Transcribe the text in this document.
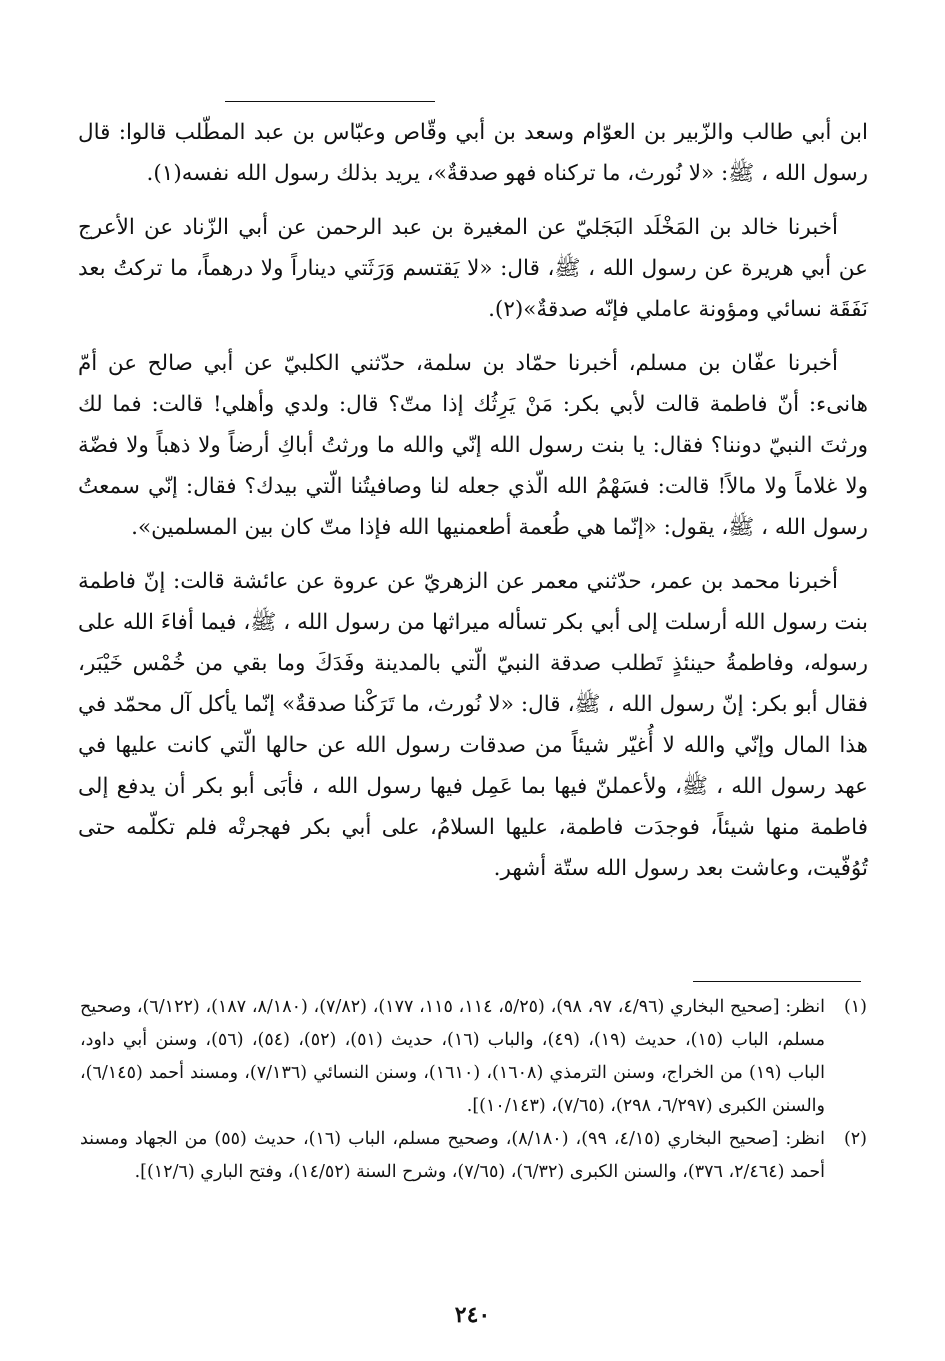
ابن أبي طالب والزّبير بن العوّام وسعد بن أبي وقّاص وعبّاس بن عبد المطّلب قالوا: قال رسول الله ، ﷺ: «لا نُورث، ما تركناه فهو صدقةٌ»، يريد بذلك رسول الله نفسه(١).

أخبرنا خالد بن المَخْلَد البَجَليّ عن المغيرة بن عبد الرحمن عن أبي الزّناد عن الأعرج عن أبي هريرة عن رسول الله ، ﷺ، قال: «لا يَقتسم وَرَثَتي ديناراً ولا درهماً، ما تركتُ بعد نَفَقَة نسائي ومؤونة عاملي فإنّه صدقةٌ»(٢).

أخبرنا عفّان بن مسلم، أخبرنا حمّاد بن سلمة، حدّثني الكلبيّ عن أبي صالح عن أمّ هانىء: أنّ فاطمة قالت لأبي بكر: مَنْ يَرِثُك إذا متّ؟ قال: ولدي وأهلي! قالت: فما لك ورثتَ النبيّ دوننا؟ فقال: يا بنت رسول الله إنّي والله ما ورثتُ أباكِ أرضاً ولا ذهباً ولا فضّة ولا غلاماً ولا مالاً! قالت: فسَهْمُ الله الّذي جعله لنا وصافيتُنا الّتي بيدك؟ فقال: إنّي سمعتُ رسول الله ، ﷺ، يقول: «إنّما هي طُعمة أطعمنيها الله فإذا متّ كان بين المسلمين».

أخبرنا محمد بن عمر، حدّثني معمر عن الزهريّ عن عروة عن عائشة قالت: إنّ فاطمة بنت رسول الله أرسلت إلى أبي بكر تسأله ميراثها من رسول الله ، ﷺ، فيما أفاءَ الله على رسوله، وفاطمةُ حينئذٍ تَطلب صدقة النبيّ الّتي بالمدينة وفَدَكَ وما بقي من خُمْس خَيْبَر، فقال أبو بكر: إنّ رسول الله ، ﷺ، قال: «لا نُورث، ما تَرَكْنا صدقةٌ» إنّما يأكل آل محمّد في هذا المال وإنّي والله لا أُغيّر شيئاً من صدقات رسول الله عن حالها الّتي كانت عليها في عهد رسول الله ، ﷺ، ولأعملنّ فيها بما عَمِل فيها رسول الله ، فأبَى أبو بكر أن يدفع إلى فاطمة منها شيئاً، فوجدَت فاطمة، عليها السلامُ، على أبي بكر فهجرتْه فلم تكلّمه حتى تُوُفّيت، وعاشت بعد رسول الله ستّة أشهر.

(١)
انظر: [صحيح البخاري (٤/٩٦، ٩٧، ٩٨)، (٥/٢٥، ١١٤، ١١٥، ١٧٧)، (٧/٨٢)، (٨/١٨٠، ١٨٧)، (٦/١٢٢)، وصحيح مسلم، الباب (١٥)، حديث (١٩)، (٤٩)، والباب (١٦)، حديث (٥١)، (٥٢)، (٥٤)، (٥٦)، وسنن أبي داود، الباب (١٩) من الخراج، وسنن الترمذي (١٦٠٨)، (١٦١٠)، وسنن النسائي (٧/١٣٦)، ومسند أحمد (٦/١٤٥)، والسنن الكبرى (٦/٢٩٧، ٢٩٨)، (٧/٦٥)، (١٠/١٤٣)].

(٢)
انظر: [صحيح البخاري (٤/١٥، ٩٩)، (٨/١٨٠)، وصحيح مسلم، الباب (١٦)، حديث (٥٥) من الجهاد ومسند أحمد (٢/٤٦٤، ٣٧٦)، والسنن الكبرى (٦/٣٢)، (٧/٦٥)، وشرح السنة (١٤/٥٢)، وفتح الباري (١٢/٦)].

٢٤٠
